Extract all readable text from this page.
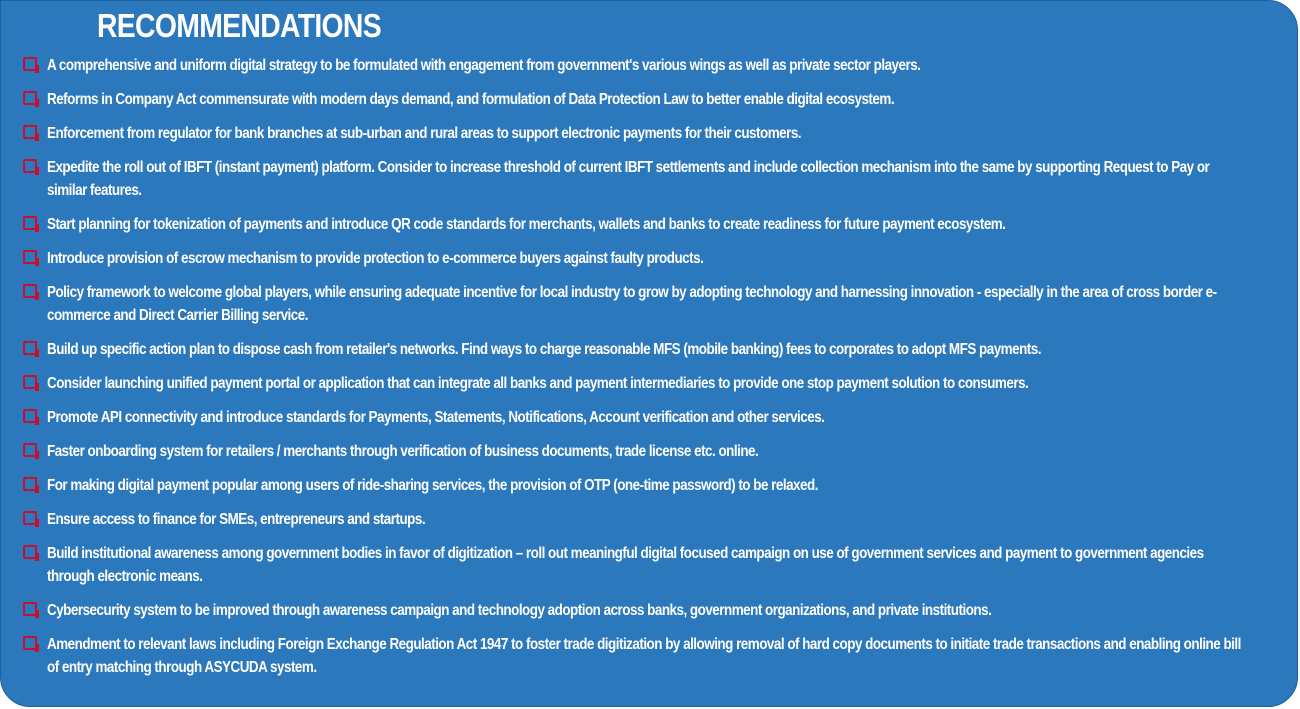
RECOMMENDATIONS
A comprehensive and uniform digital strategy to be formulated with engagement from government's various wings as well as private sector players.
Reforms in Company Act commensurate with modern days demand, and formulation of Data Protection Law to better enable digital ecosystem.
Enforcement from regulator for bank branches at sub-urban and rural areas to support electronic payments for their customers.
Expedite the roll out of IBFT (instant payment) platform. Consider to increase threshold of current IBFT settlements and include collection mechanism into the same by supporting Request to Pay or similar features.
Start planning for tokenization of payments and introduce QR code standards for merchants, wallets and banks to create readiness for future payment ecosystem.
Introduce provision of escrow mechanism to provide protection to e-commerce buyers against faulty products.
Policy framework to welcome global players, while ensuring adequate incentive for local industry to grow by adopting technology and harnessing innovation - especially in the area of cross border e-commerce and Direct Carrier Billing service.
Build up specific action plan to dispose cash from retailer's networks. Find ways to charge reasonable MFS (mobile banking) fees to corporates to adopt MFS payments.
Consider launching unified payment portal or application that can integrate all banks and payment intermediaries to provide one stop payment solution to consumers.
Promote API connectivity and introduce standards for Payments, Statements, Notifications, Account verification and other services.
Faster onboarding system for retailers / merchants through verification of business documents, trade license etc. online.
For making digital payment popular among users of ride-sharing services, the provision of OTP (one-time password) to be relaxed.
Ensure access to finance for SMEs, entrepreneurs and startups.
Build institutional awareness among government bodies in favor of digitization – roll out meaningful digital focused campaign on use of government services and payment to government agencies through electronic means.
Cybersecurity system to be improved through awareness campaign and technology adoption across banks, government organizations, and private institutions.
Amendment to relevant laws including Foreign Exchange Regulation Act 1947 to foster trade digitization by allowing removal of hard copy documents to initiate trade transactions and enabling online bill of entry matching through ASYCUDA system.
